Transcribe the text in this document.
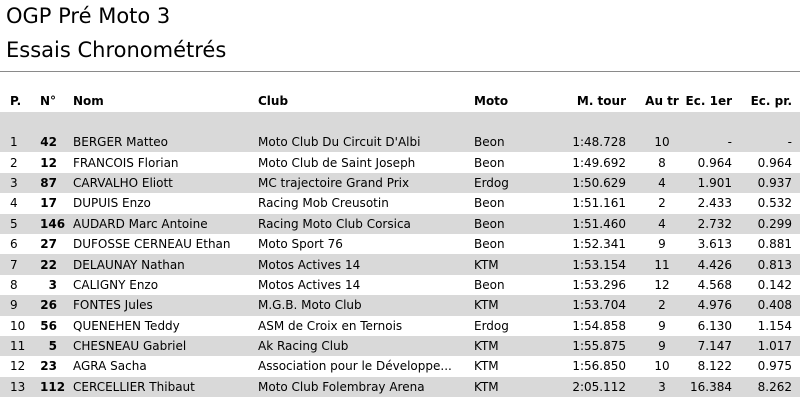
OGP Pré Moto 3
Essais Chronométrés
P.	N°	Nom	Club	Moto	M. tour	Au tr	Ec. 1er	Ec. pr.

1	42	BERGER Matteo	Moto Club Du Circuit D'Albi	Beon	1:48.728	10	-	-
2	12	FRANCOIS Florian	Moto Club de Saint Joseph	Beon	1:49.692	8	0.964	0.964
3	87	CARVALHO Eliott	MC trajectoire Grand Prix	Erdog	1:50.629	4	1.901	0.937
4	17	DUPUIS Enzo	Racing Mob Creusotin	Beon	1:51.161	2	2.433	0.532
5	146	AUDARD Marc Antoine	Racing Moto Club Corsica	Beon	1:51.460	4	2.732	0.299
6	27	DUFOSSE CERNEAU Ethan	Moto Sport 76	Beon	1:52.341	9	3.613	0.881
7	22	DELAUNAY Nathan	Motos Actives 14	KTM	1:53.154	11	4.426	0.813
8	3	CALIGNY Enzo	Motos Actives 14	Beon	1:53.296	12	4.568	0.142
9	26	FONTES Jules	M.G.B. Moto Club	KTM	1:53.704	2	4.976	0.408
10	56	QUENEHEN Teddy	ASM de Croix en Ternois	Erdog	1:54.858	9	6.130	1.154
11	5	CHESNEAU Gabriel	Ak Racing Club	KTM	1:55.875	9	7.147	1.017
12	23	AGRA Sacha	Association pour le Développe...	KTM	1:56.850	10	8.122	0.975
13	112	CERCELLIER Thibaut	Moto Club Folembray Arena	KTM	2:05.112	3	16.384	8.262
